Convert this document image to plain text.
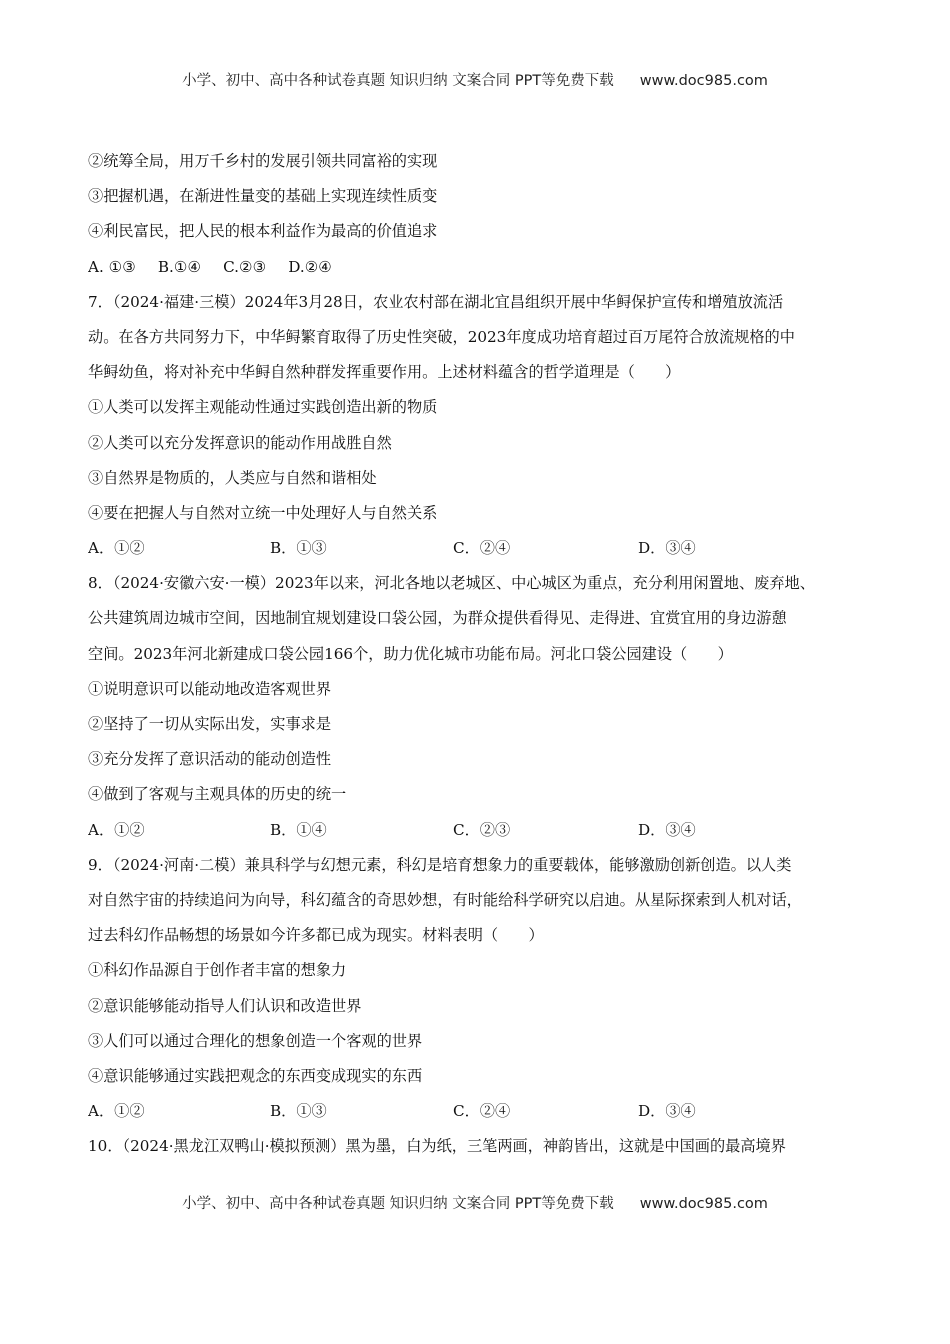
小学、初中、高中各种试卷真题 知识归纳 文案合同 PPT等免费下载 www.doc985.com
②统筹全局，用万千乡村的发展引领共同富裕的实现
③把握机遇，在渐进性量变的基础上实现连续性质变
④利民富民，把人民的根本利益作为最高的价值追求
A. ①③ B.①④ C.②③ D.②④
7．（2024·福建·三模）2024年3月28日，农业农村部在湖北宜昌组织开展中华鲟保护宣传和增殖放流活
动。在各方共同努力下，中华鲟繁育取得了历史性突破，2023年度成功培育超过百万尾符合放流规格的中
华鲟幼鱼，将对补充中华鲟自然种群发挥重要作用。上述材料蕴含的哲学道理是（　　）
①人类可以发挥主观能动性通过实践创造出新的物质
②人类可以充分发挥意识的能动作用战胜自然
③自然界是物质的，人类应与自然和谐相处
④要在把握人与自然对立统一中处理好人与自然关系
A．①②	B．①③	C．②④	D．③④
8．（2024·安徽六安·一模）2023年以来，河北各地以老城区、中心城区为重点，充分利用闲置地、废弃地、
公共建筑周边城市空间，因地制宜规划建设口袋公园，为群众提供看得见、走得进、宜赏宜用的身边游憩
空间。2023年河北新建成口袋公园166个，助力优化城市功能布局。河北口袋公园建设（　　）
①说明意识可以能动地改造客观世界
②坚持了一切从实际出发，实事求是
③充分发挥了意识活动的能动创造性
④做到了客观与主观具体的历史的统一
A．①②	B．①④	C．②③	D．③④
9．（2024·河南·二模）兼具科学与幻想元素，科幻是培育想象力的重要载体，能够激励创新创造。以人类
对自然宇宙的持续追问为向导，科幻蕴含的奇思妙想，有时能给科学研究以启迪。从星际探索到人机对话，
过去科幻作品畅想的场景如今许多都已成为现实。材料表明（　　）
①科幻作品源自于创作者丰富的想象力
②意识能够能动指导人们认识和改造世界
③人们可以通过合理化的想象创造一个客观的世界
④意识能够通过实践把观念的东西变成现实的东西
A．①②	B．①③	C．②④	D．③④
10．（2024·黑龙江双鸭山·模拟预测）黑为墨，白为纸，三笔两画，神韵皆出，这就是中国画的最高境界
小学、初中、高中各种试卷真题 知识归纳 文案合同 PPT等免费下载 www.doc985.com
